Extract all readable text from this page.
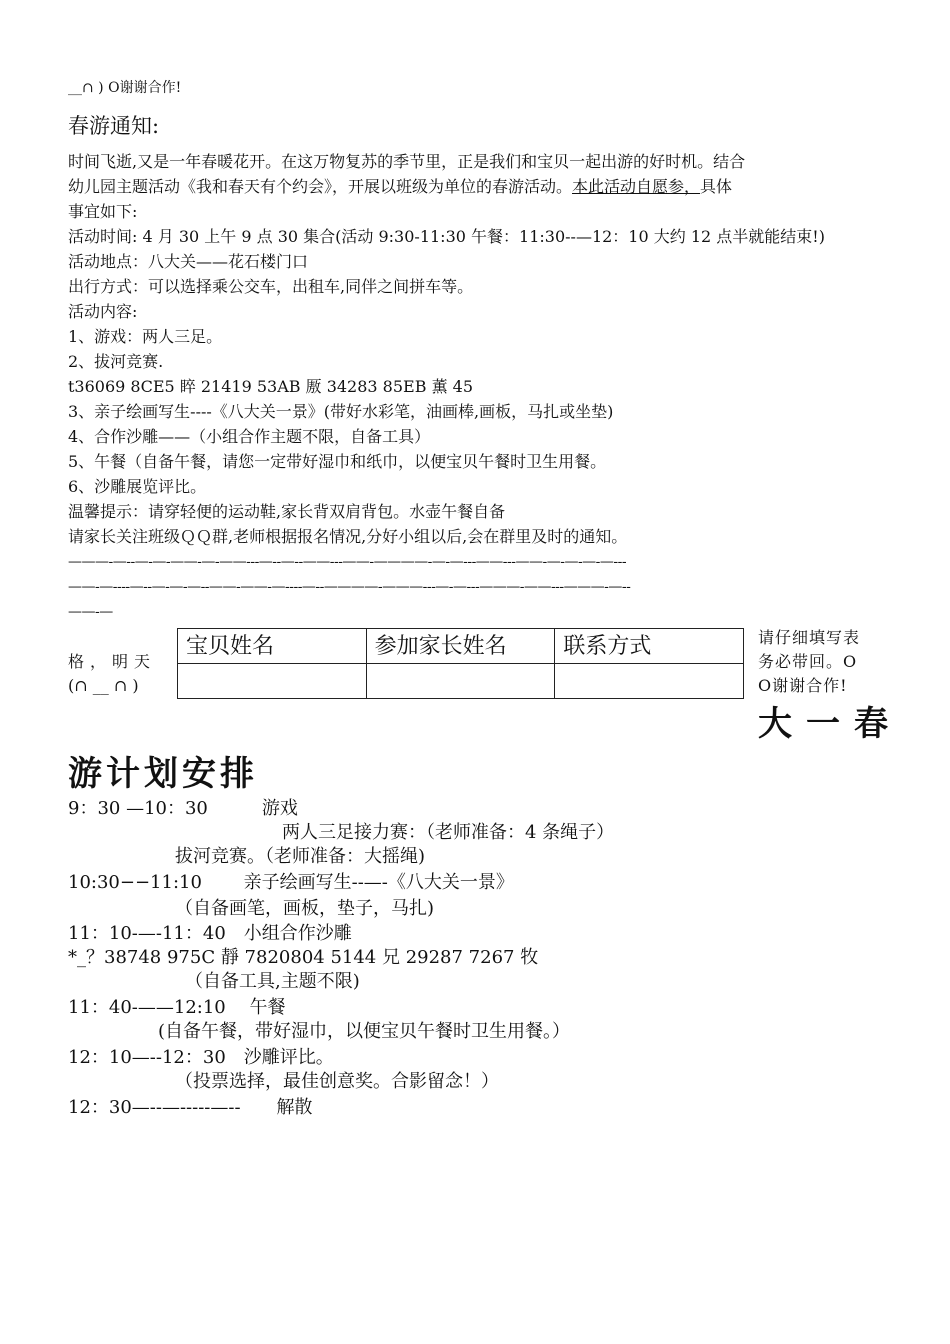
__∩ ) O谢谢合作!
春游通知:
时间飞逝,又是一年春暖花开。在这万物复苏的季节里，正是我们和宝贝一起出游的好时机。结合
幼儿园主题活动《我和春天有个约会》，开展以班级为单位的春游活动。本此活动自愿参，具体
事宜如下:
活动时间: 4 月 30 上午 9 点 30 集合(活动 9:30-11:30 午餐：11:30--—12：10 大约 12 点半就能结束!)
活动地点：八大关——花石楼门口
出行方式：可以选择乘公交车，出租车,同伴之间拼车等。
活动内容:
1、游戏：两人三足。
2、拔河竞赛.
t36069 8CE5 睟 21419 53AB 厫 34283 85EB 薫 45
3、亲子绘画写生----《八大关一景》(带好水彩笔，油画棒,画板，马扎或坐垫)
4、合作沙雕——（小组合作主题不限，自备工具）
5、午餐（自备午餐，请您一定带好湿巾和纸巾，以便宝贝午餐时卫生用餐。
6、沙雕展览评比。
温馨提示：请穿轻便的运动鞋,家长背双肩背包。水壶午餐自备
请家长关注班级ＱＱ群,老师根据报名情况,分好小组以后,会在群里及时的通知。
———-—--—-—-——-—-——---—--—--——---——-————-—-—---——---——-—-—-—-—---
——-—----—--—-—-—--——-——-—----—--————-———---—-—---———-——---———-—--
——-—
格，明天
(∩ __ ∩ )
宝贝姓名	参加家长姓名	联系方式
			请仔细填写表
务必带回。O
O谢谢合作!
大一春
游计划安排
9：30 —10：30　　　游戏
两人三足接力赛：（老师准备：4 条绳子）
拔河竞赛。（老师准备：大摇绳)
10:30−−11:10　　 亲子绘画写生--—-《八大关一景》
（自备画笔，画板，垫子，马扎)
11：10-—-11：40　小组合作沙雕
*_？38748 975C 靜 7820804 5144 兄 29287 7267 牧
（自备工具,主题不限)
11：40-——12:10　 午餐
(自备午餐，带好湿巾，以便宝贝午餐时卫生用餐。）
12：10—--12：30　沙雕评比。
（投票选择，最佳创意奖。合影留念！）
12：30—--—-----—--　　解散
